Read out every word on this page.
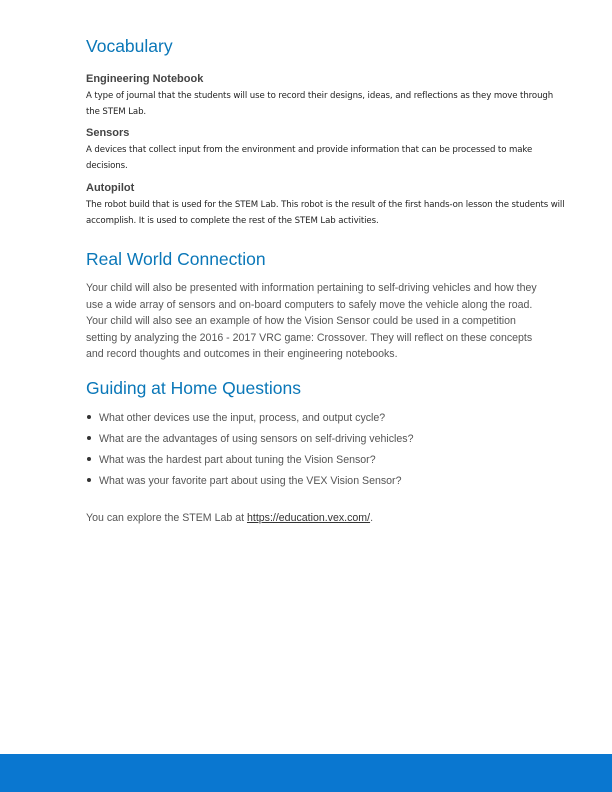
Vocabulary

Engineering Notebook

A type of journal that the students will use to record their designs, ideas, and reflections as they move through the STEM Lab.

Sensors

A devices that collect input from the environment and provide information that can be processed to make decisions.

Autopilot

The robot build that is used for the STEM Lab. This robot is the result of the first hands-on lesson the students will accomplish. It is used to complete the rest of the STEM Lab activities.

Real World Connection

Your child will also be presented with information pertaining to self-driving vehicles and how they use a wide array of sensors and on-board computers to safely move the vehicle along the road. Your child will also see an example of how the Vision Sensor could be used in a competition setting by analyzing the 2016 - 2017 VRC game: Crossover. They will reflect on these concepts and record thoughts and outcomes in their engineering notebooks.

Guiding at Home Questions
What other devices use the input, process, and output cycle?
What are the advantages of using sensors on self-driving vehicles?
What was the hardest part about tuning the Vision Sensor?
What was your favorite part about using the VEX Vision Sensor?

You can explore the STEM Lab at https://education.vex.com/.
